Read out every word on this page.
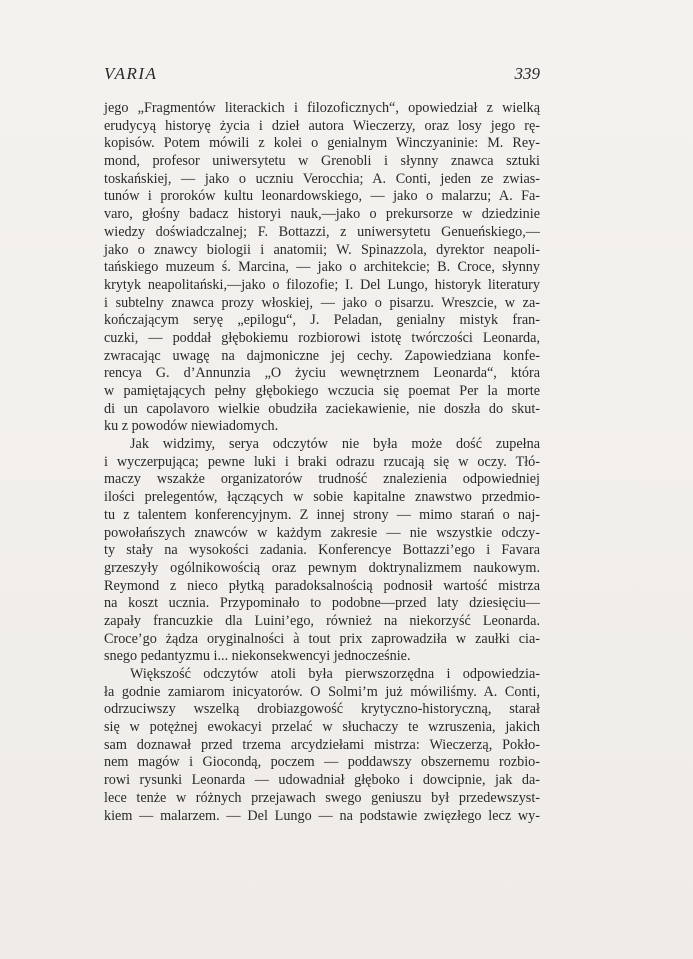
VARIA	339
jego „Fragmentów literackich i filozoficznych“, opowiedział z wielką
erudycyą historyę życia i dzieł autora Wieczerzy, oraz losy jego rę-
kopisów. Potem mówili z kolei o genialnym Winczyaninie: M. Rey-
mond, profesor uniwersytetu w Grenobli i słynny znawca sztuki
toskańskiej, — jako o uczniu Verocchia; A. Conti, jeden ze zwias-
tunów i proroków kultu leonardowskiego, — jako o malarzu; A. Fa-
varo, głośny badacz historyi nauk,—jako o prekursorze w dziedzinie
wiedzy doświadczalnej; F. Bottazzi, z uniwersytetu Genueńskiego,—
jako o znawcy biologii i anatomii; W. Spinazzola, dyrektor neapoli-
tańskiego muzeum ś. Marcina, — jako o architekcie; B. Croce, słynny
krytyk neapolitański,—jako o filozofie; I. Del Lungo, historyk literatury
i subtelny znawca prozy włoskiej, — jako o pisarzu. Wreszcie, w za-
kończającym seryę „epilogu“, J. Peladan, genialny mistyk fran-
cuzki, — poddał głębokiemu rozbiorowi istotę twórczości Leonarda,
zwracając uwagę na dajmoniczne jej cechy. Zapowiedziana konfe-
rencya G. d’Annunzia „O życiu wewnętrznem Leonarda“, która
w pamiętających pełny głębokiego wczucia się poemat Per la morte
di un capolavoro wielkie obudziła zaciekawienie, nie doszła do skut-
ku z powodów niewiadomych.
Jak widzimy, serya odczytów nie była może dość zupełna
i wyczerpująca; pewne luki i braki odrazu rzucają się w oczy. Tłó-
maczy wszakże organizatorów trudność znalezienia odpowiedniej
ilości prelegentów, łączących w sobie kapitalne znawstwo przedmio-
tu z talentem konferencyjnym. Z innej strony — mimo starań o naj-
powołańszych znawców w każdym zakresie — nie wszystkie odczy-
ty stały na wysokości zadania. Konferencye Bottazzi’ego i Favara
grzeszyły ogólnikowością oraz pewnym doktrynalizmem naukowym.
Reymond z nieco płytką paradoksalnością podnosił wartość mistrza
na koszt ucznia. Przypominało to podobne—przed laty dziesięciu—
zapały francuzkie dla Luini’ego, również na niekorzyść Leonarda.
Croce’go żądza oryginalności à tout prix zaprowadziła w zaułki cia-
snego pedantyzmu i... niekonsekwencyi jednocześnie.
Większość odczytów atoli była pierwszorzędna i odpowiedzia-
ła godnie zamiarom inicyatorów. O Solmi’m już mówiliśmy. A. Conti,
odrzuciwszy wszelką drobiazgowość krytyczno-historyczną, starał
się w potężnej ewokacyi przelać w słuchaczy te wzruszenia, jakich
sam doznawał przed trzema arcydziełami mistrza: Wieczerzą, Pokło-
nem magów i Giocondą, poczem — poddawszy obszernemu rozbio-
rowi rysunki Leonarda — udowadniał głęboko i dowcipnie, jak da-
lece tenże w różnych przejawach swego geniuszu był przedewszyst-
kiem — malarzem. — Del Lungo — na podstawie zwięzłego lecz wy-
